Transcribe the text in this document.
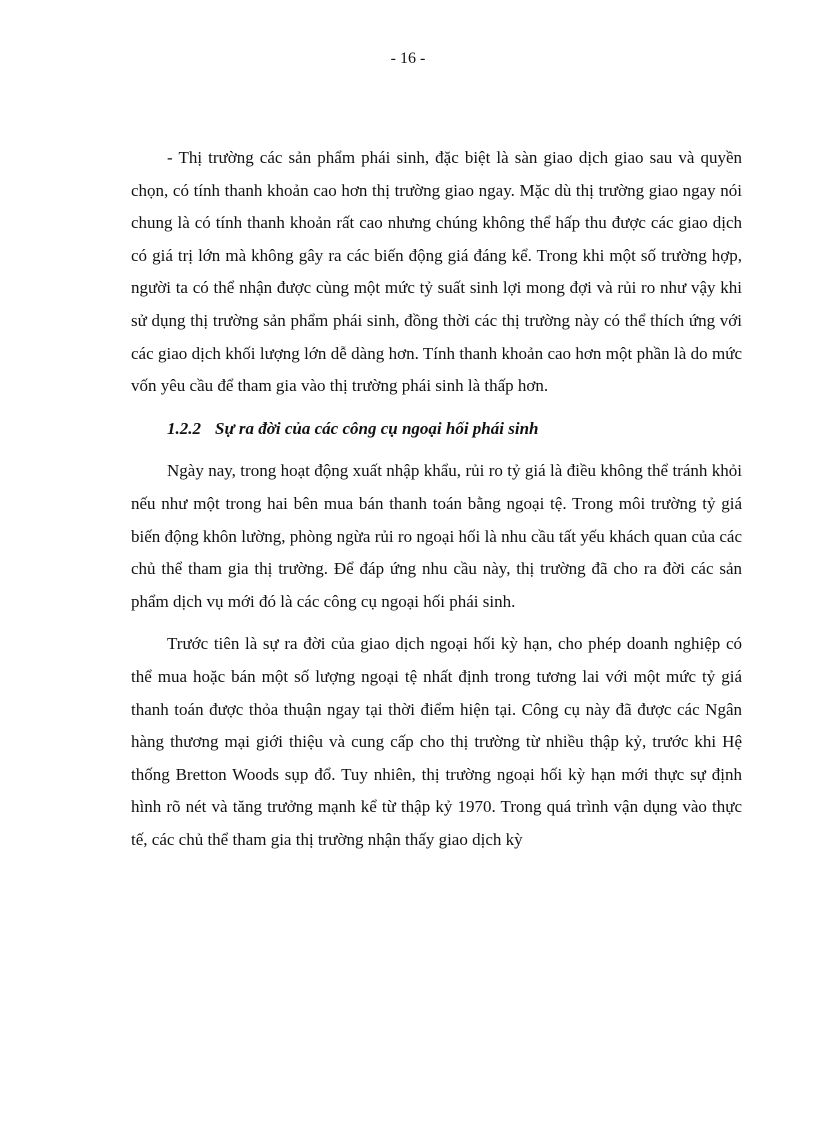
- 16 -

- Thị trường các sản phẩm phái sinh, đặc biệt là sàn giao dịch giao sau và quyền chọn, có tính thanh khoản cao hơn thị trường giao ngay. Mặc dù thị trường giao ngay nói chung là có tính thanh khoản rất cao nhưng chúng không thể hấp thu được các giao dịch có giá trị lớn mà không gây ra các biến động giá đáng kể. Trong khi một số trường hợp, người ta có thể nhận được cùng một mức tỷ suất sinh lợi mong đợi và rủi ro như vậy khi sử dụng thị trường sản phẩm phái sinh, đồng thời các thị trường này có thể thích ứng với các giao dịch khối lượng lớn dễ dàng hơn. Tính thanh khoản cao hơn một phần là do mức vốn yêu cầu để tham gia vào thị trường phái sinh là thấp hơn.

1.2.2 Sự ra đời của các công cụ ngoại hối phái sinh

Ngày nay, trong hoạt động xuất nhập khẩu, rủi ro tỷ giá là điều không thể tránh khỏi nếu như một trong hai bên mua bán thanh toán bằng ngoại tệ. Trong môi trường tỷ giá biến động khôn lường, phòng ngừa rủi ro ngoại hối là nhu cầu tất yếu khách quan của các chủ thể tham gia thị trường. Để đáp ứng nhu cầu này, thị trường đã cho ra đời các sản phẩm dịch vụ mới đó là các công cụ ngoại hối phái sinh.

Trước tiên là sự ra đời của giao dịch ngoại hối kỳ hạn, cho phép doanh nghiệp có thể mua hoặc bán một số lượng ngoại tệ nhất định trong tương lai với một mức tỷ giá thanh toán được thỏa thuận ngay tại thời điểm hiện tại. Công cụ này đã được các Ngân hàng thương mại giới thiệu và cung cấp cho thị trường từ nhiều thập kỷ, trước khi Hệ thống Bretton Woods sụp đổ. Tuy nhiên, thị trường ngoại hối kỳ hạn mới thực sự định hình rõ nét và tăng trưởng mạnh kể từ thập kỷ 1970. Trong quá trình vận dụng vào thực tế, các chủ thể tham gia thị trường nhận thấy giao dịch kỳ
